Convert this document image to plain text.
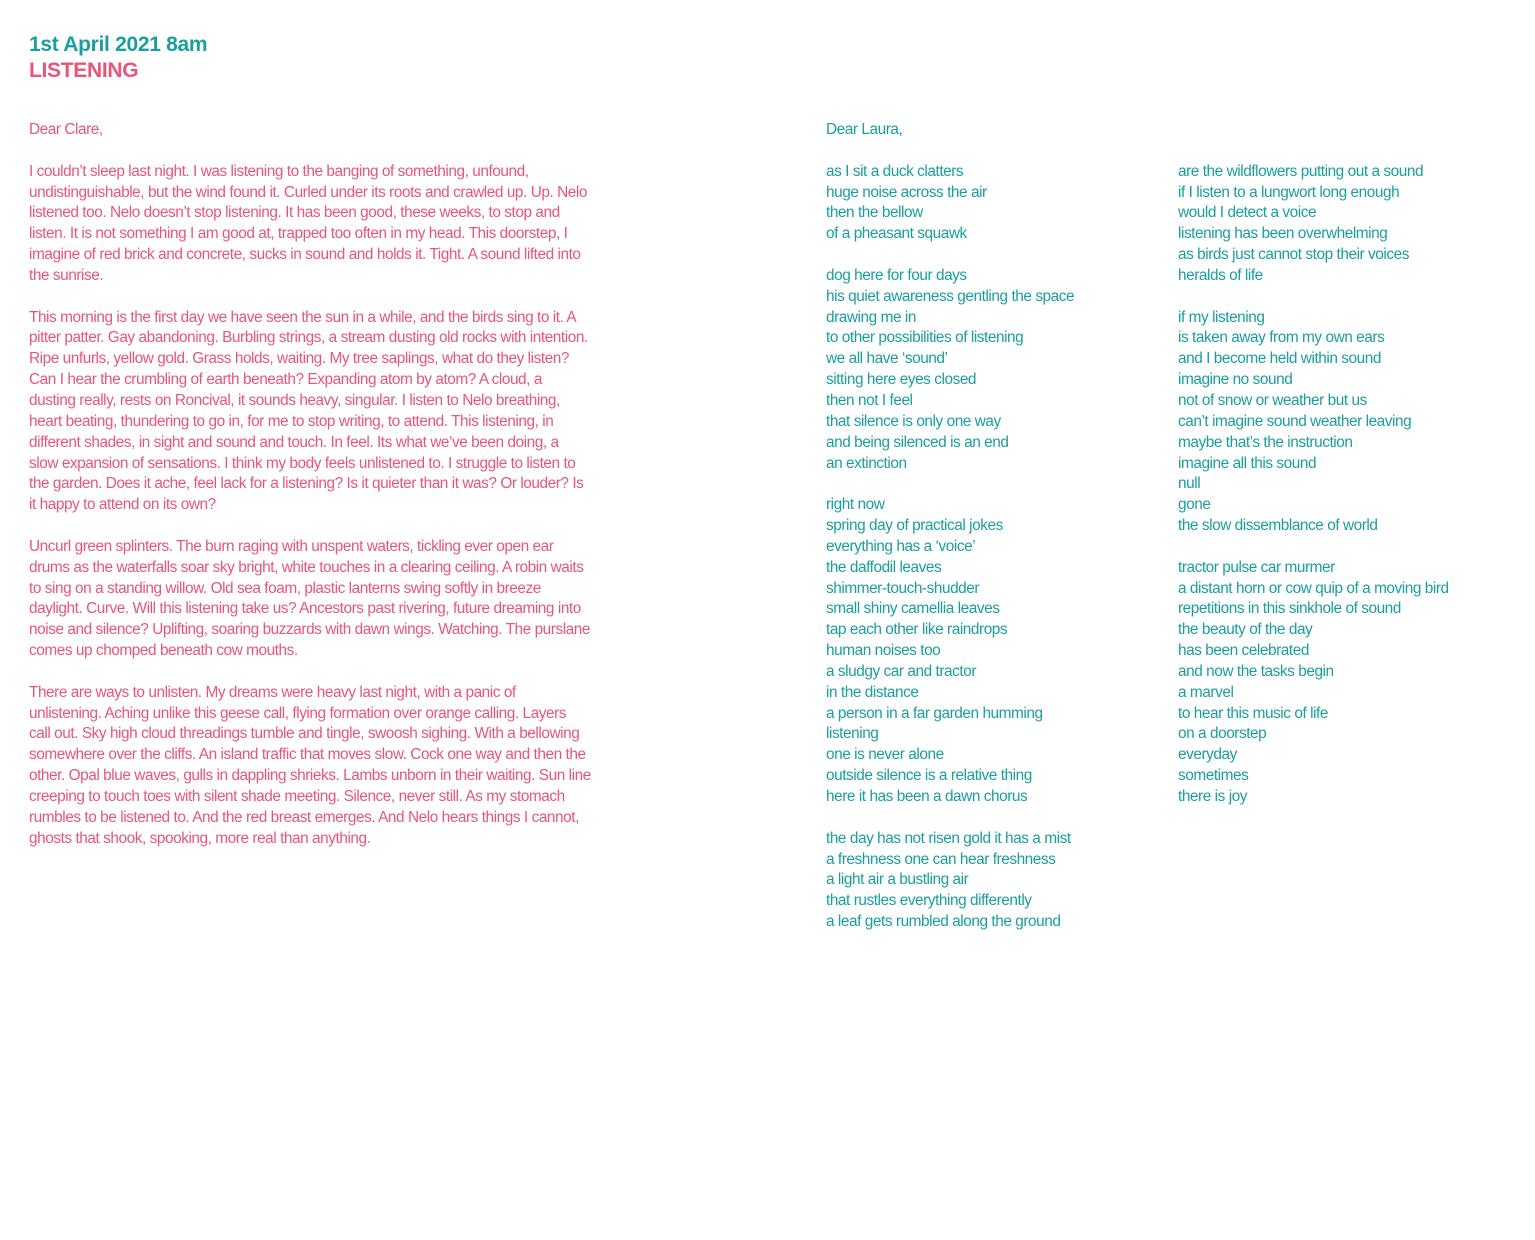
1st April 2021 8am
LISTENING
Dear Clare,

I couldn’t sleep last night. I was listening to the banging of something, unfound, undistinguishable, but the wind found it. Curled under its roots and crawled up. Up. Nelo listened too. Nelo doesn’t stop listening. It has been good, these weeks, to stop and listen. It is not something I am good at, trapped too often in my head. This doorstep, I imagine of red brick and concrete, sucks in sound and holds it. Tight. A sound lifted into the sunrise.

This morning is the first day we have seen the sun in a while, and the birds sing to it. A pitter patter. Gay abandoning. Burbling strings, a stream dusting old rocks with intention. Ripe unfurls, yellow gold. Grass holds, waiting. My tree saplings, what do they listen? Can I hear the crumbling of earth beneath? Expanding atom by atom? A cloud, a dusting really, rests on Roncival, it sounds heavy, singular. I listen to Nelo breathing, heart beating, thundering to go in, for me to stop writing, to attend. This listening, in different shades, in sight and sound and touch. In feel. Its what we’ve been doing, a slow expansion of sensations. I think my body feels unlistened to. I struggle to listen to the garden. Does it ache, feel lack for a listening? Is it quieter than it was? Or louder? Is it happy to attend on its own?

Uncurl green splinters. The burn raging with unspent waters, tickling ever open ear drums as the waterfalls soar sky bright, white touches in a clearing ceiling. A robin waits to sing on a standing willow. Old sea foam, plastic lanterns swing softly in breeze daylight. Curve. Will this listening take us? Ancestors past rivering, future dreaming into noise and silence? Uplifting, soaring buzzards with dawn wings. Watching. The purslane comes up chomped beneath cow mouths.

There are ways to unlisten. My dreams were heavy last night, with a panic of unlistening. Aching unlike this geese call, flying formation over orange calling. Layers call out. Sky high cloud threadings tumble and tingle, swoosh sighing. With a bellowing somewhere over the cliffs. An island traffic that moves slow. Cock one way and then the other. Opal blue waves, gulls in dappling shrieks. Lambs unborn in their waiting. Sun line creeping to touch toes with silent shade meeting. Silence, never still. As my stomach rumbles to be listened to. And the red breast emerges. And Nelo hears things I cannot, ghosts that shook, spooking, more real than anything.

Dear Laura,
as I sit a duck clatters
huge noise across the air
then the bellow
of a pheasant squawk
dog here for four days
his quiet awareness gentling the space
drawing me in
to other possibilities of listening
we all have ‘sound’
sitting here eyes closed
then not I feel
that silence is only one way
and being silenced is an end
an extinction
right now
spring day of practical jokes
everything has a ‘voice’
the daffodil leaves
shimmer-touch-shudder
small shiny camellia leaves
tap each other like raindrops
human noises too
a sludgy car and tractor
in the distance
a person in a far garden humming
listening
one is never alone
outside silence is a relative thing
here it has been a dawn chorus
the day has not risen gold it has a mist
a freshness one can hear freshness
a light air a bustling air
that rustles everything differently
a leaf gets rumbled along the ground
are the wildflowers putting out a sound
if I listen to a lungwort long enough
would I detect a voice
listening has been overwhelming
as birds just cannot stop their voices
heralds of life
if my listening
is taken away from my own ears
and I become held within sound
imagine no sound
not of snow or weather but us
can’t imagine sound weather leaving
maybe that’s the instruction
imagine all this sound
null
gone
the slow dissemblance of world
tractor pulse car murmer
a distant horn or cow quip of a moving bird
repetitions in this sinkhole of sound
the beauty of the day
has been celebrated
and now the tasks begin
a marvel
to hear this music of life
on a doorstep
everyday
sometimes
there is joy
